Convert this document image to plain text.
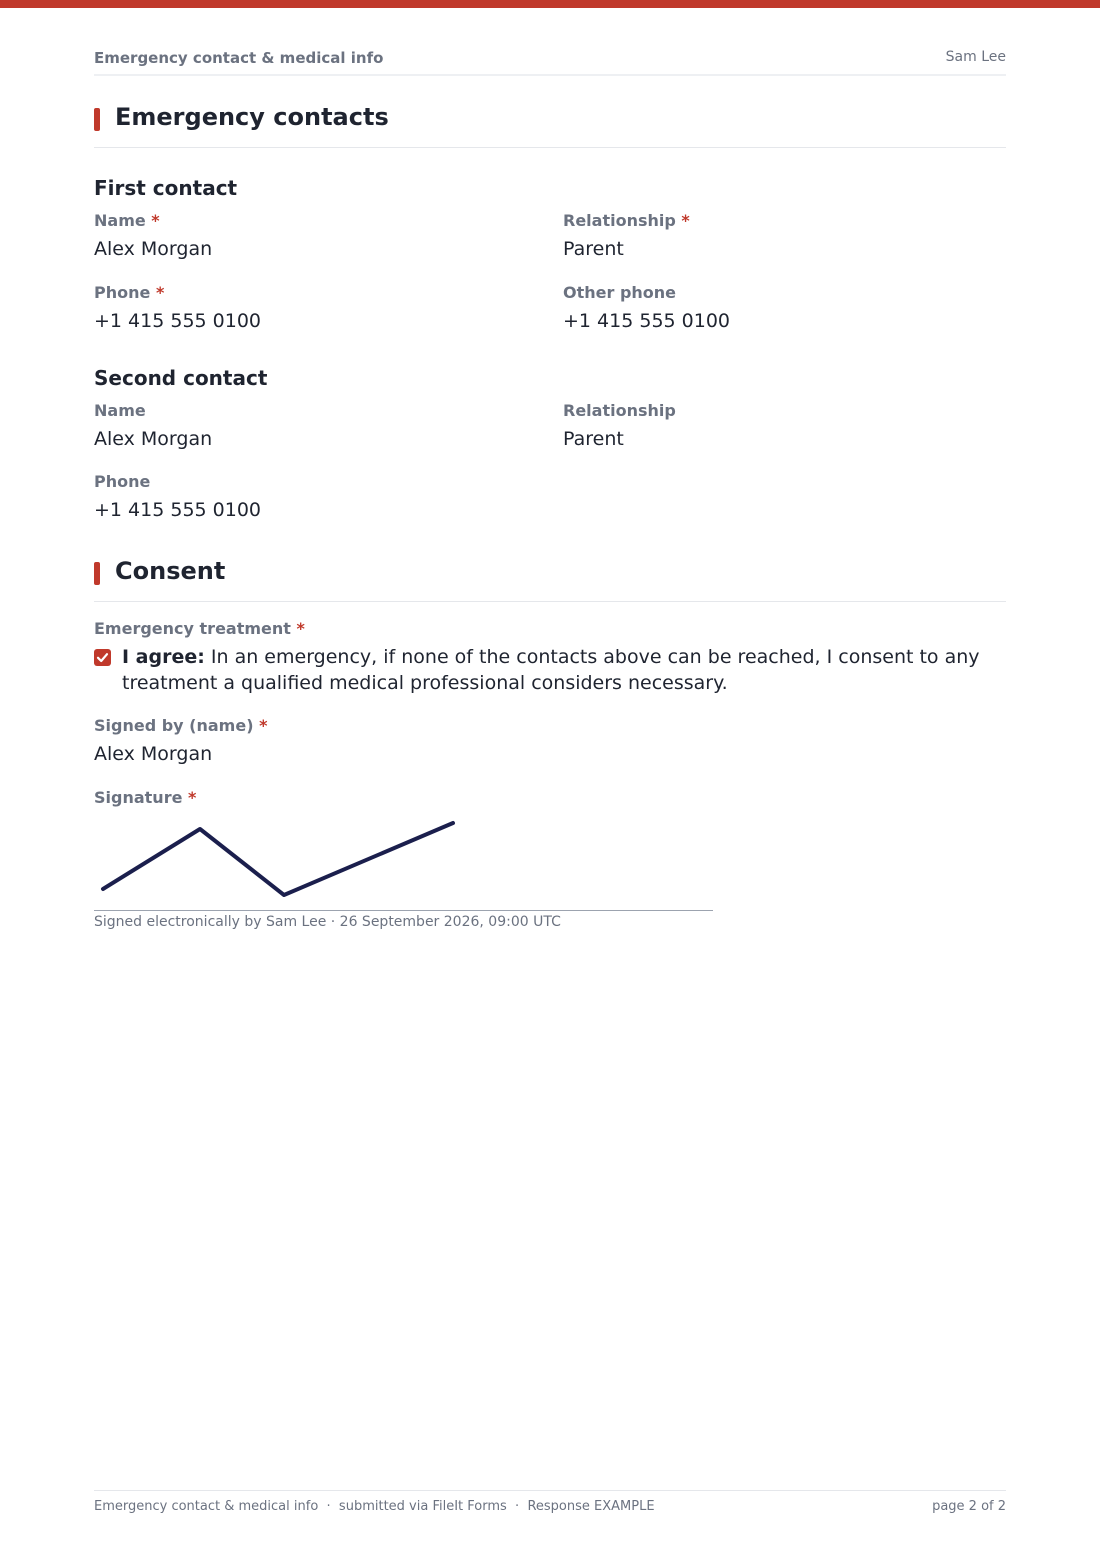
Emergency contact & medical info	Sam Lee
Emergency contacts
First contact
Name *
Alex Morgan
Relationship *
Parent
Phone *
+1 415 555 0100
Other phone
+1 415 555 0100
Second contact
Name
Alex Morgan
Relationship
Parent
Phone
+1 415 555 0100
Consent
Emergency treatment *
I agree: In an emergency, if none of the contacts above can be reached, I consent to any treatment a qualified medical professional considers necessary.
Signed by (name) *
Alex Morgan
Signature *
Signed electronically by Sam Lee · 26 September 2026, 09:00 UTC
Emergency contact & medical info  ·  submitted via FileIt Forms  ·  Response EXAMPLE	page 2 of 2
